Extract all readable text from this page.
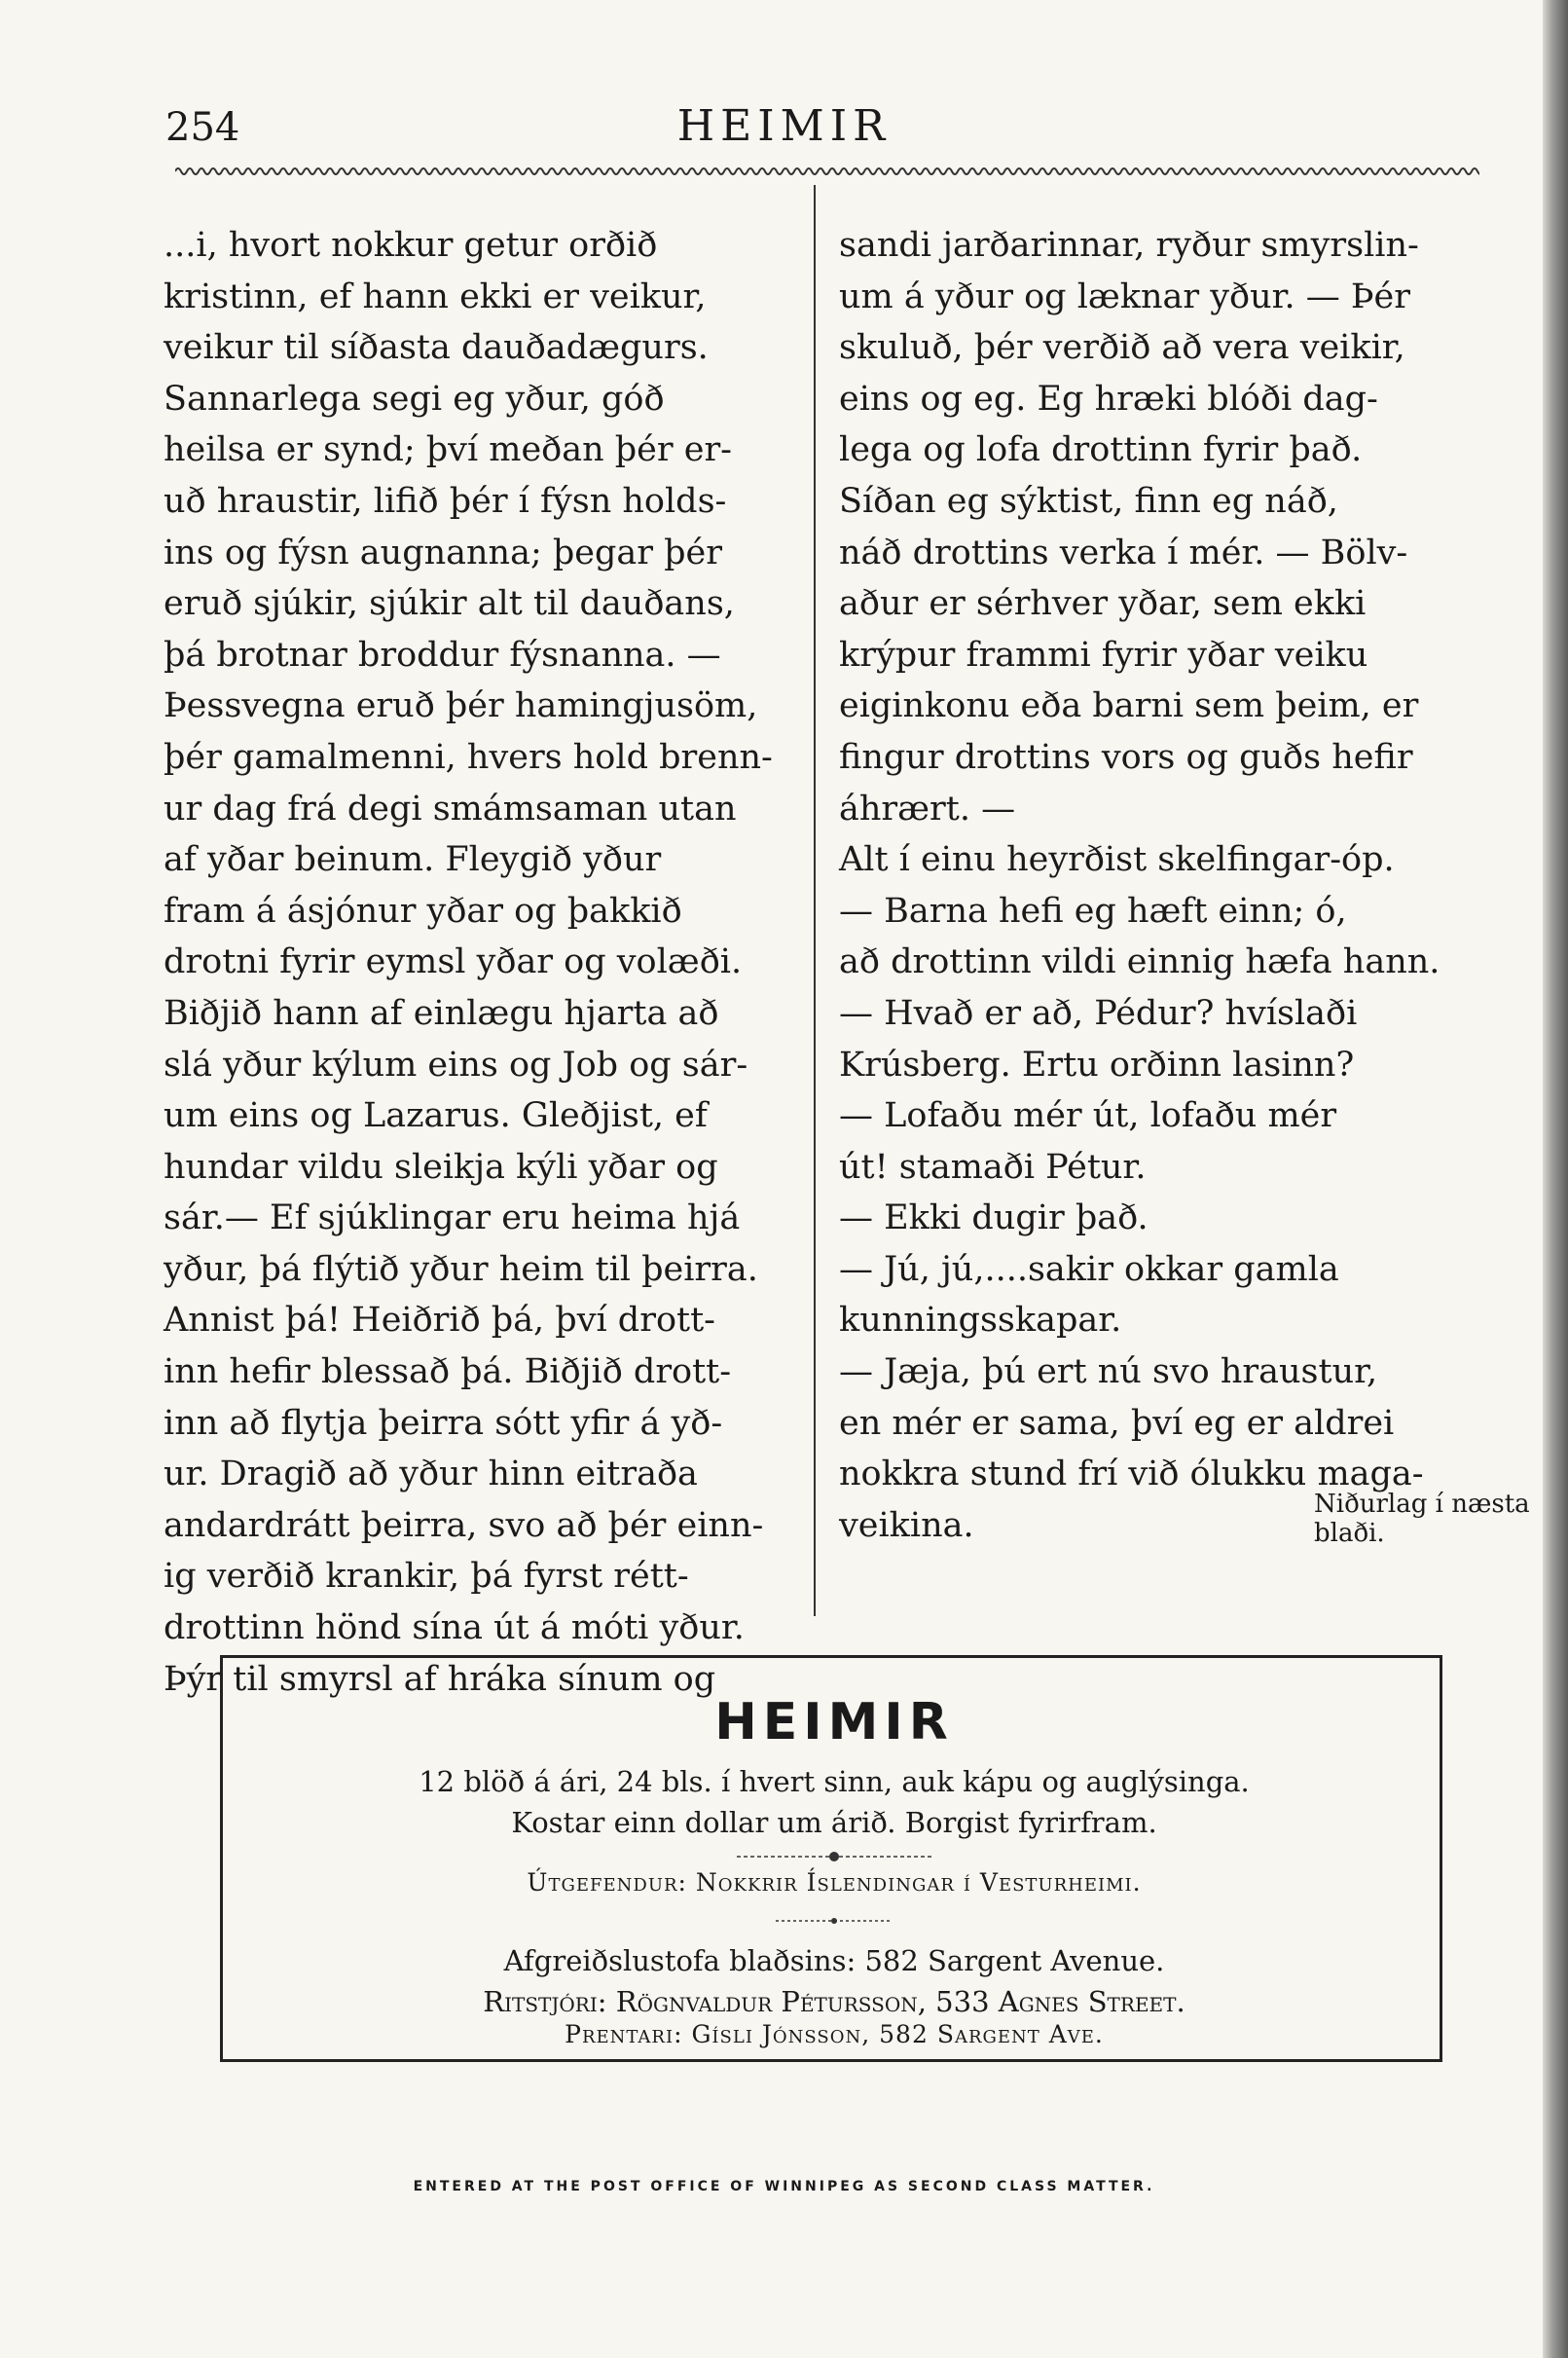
254	HEIMIR

...i, hvort nokkur getur orðið

kristinn, ef hann ekki er veikur,

veikur til síðasta dauðadægurs.

Sannarlega segi eg yður, góð

heilsa er synd; því meðan þér er-

uð hraustir, lifið þér í fýsn holds-

ins og fýsn augnanna; þegar þér

eruð sjúkir, sjúkir alt til dauðans,

þá brotnar broddur fýsnanna. —

Þessvegna eruð þér hamingjusöm,

þér gamalmenni, hvers hold brenn-

ur dag frá degi smámsaman utan

af yðar beinum. Fleygið yður

fram á ásjónur yðar og þakkið

drotni fyrir eymsl yðar og volæði.

Biðjið hann af einlægu hjarta að

slá yður kýlum eins og Job og sár-

um eins og Lazarus. Gleðjist, ef

hundar vildu sleikja kýli yðar og

sár.— Ef sjúklingar eru heima hjá

yður, þá flýtið yður heim til þeirra.

Annist þá! Heiðrið þá, því drott-

inn hefir blessað þá. Biðjið drott-

inn að flytja þeirra sótt yfir á yð-

ur. Dragið að yður hinn eitraða

andardrátt þeirra, svo að þér einn-

ig verðið krankir, þá fyrst rétt-

drottinn hönd sína út á móti yður.

Þýr til smyrsl af hráka sínum og

sandi jarðarinnar, ryður smyrslin-

um á yður og læknar yður. — Þér

skuluð, þér verðið að vera veikir,

eins og eg. Eg hræki blóði dag-

lega og lofa drottinn fyrir það.

Síðan eg sýktist, finn eg náð,

náð drottins verka í mér. — Bölv-

aður er sérhver yðar, sem ekki

krýpur frammi fyrir yðar veiku

eiginkonu eða barni sem þeim, er

fingur drottins vors og guðs hefir

áhrært. —

Alt í einu heyrðist skelfingar-óp.

— Barna hefi eg hæft einn; ó,

að drottinn vildi einnig hæfa hann.

— Hvað er að, Pédur? hvíslaði

Krúsberg. Ertu orðinn lasinn?

— Lofaðu mér út, lofaðu mér

út! stamaði Pétur.

— Ekki dugir það.

— Jú, jú,....sakir okkar gamla

kunningsskapar.

— Jæja, þú ert nú svo hraustur,

en mér er sama, því eg er aldrei

nokkra stund frí við ólukku maga-

veikina.

Niðurlag í næsta blaði.
HEIMIR
12 blöð á ári, 24 bls. í hvert sinn, auk kápu og auglýsinga.
Kostar einn dollar um árið. Borgist fyrirfram.
Útgefendur: Nokkrir Íslendingar í Vesturheimi.
Afgreiðslustofa blaðsins: 582 Sargent Avenue.
Ritstjóri: Rögnvaldur Pétursson, 533 Agnes Street.
Prentari: Gísli Jónsson, 582 Sargent Ave.
ENTERED AT THE POST OFFICE OF WINNIPEG AS SECOND CLASS MATTER.
